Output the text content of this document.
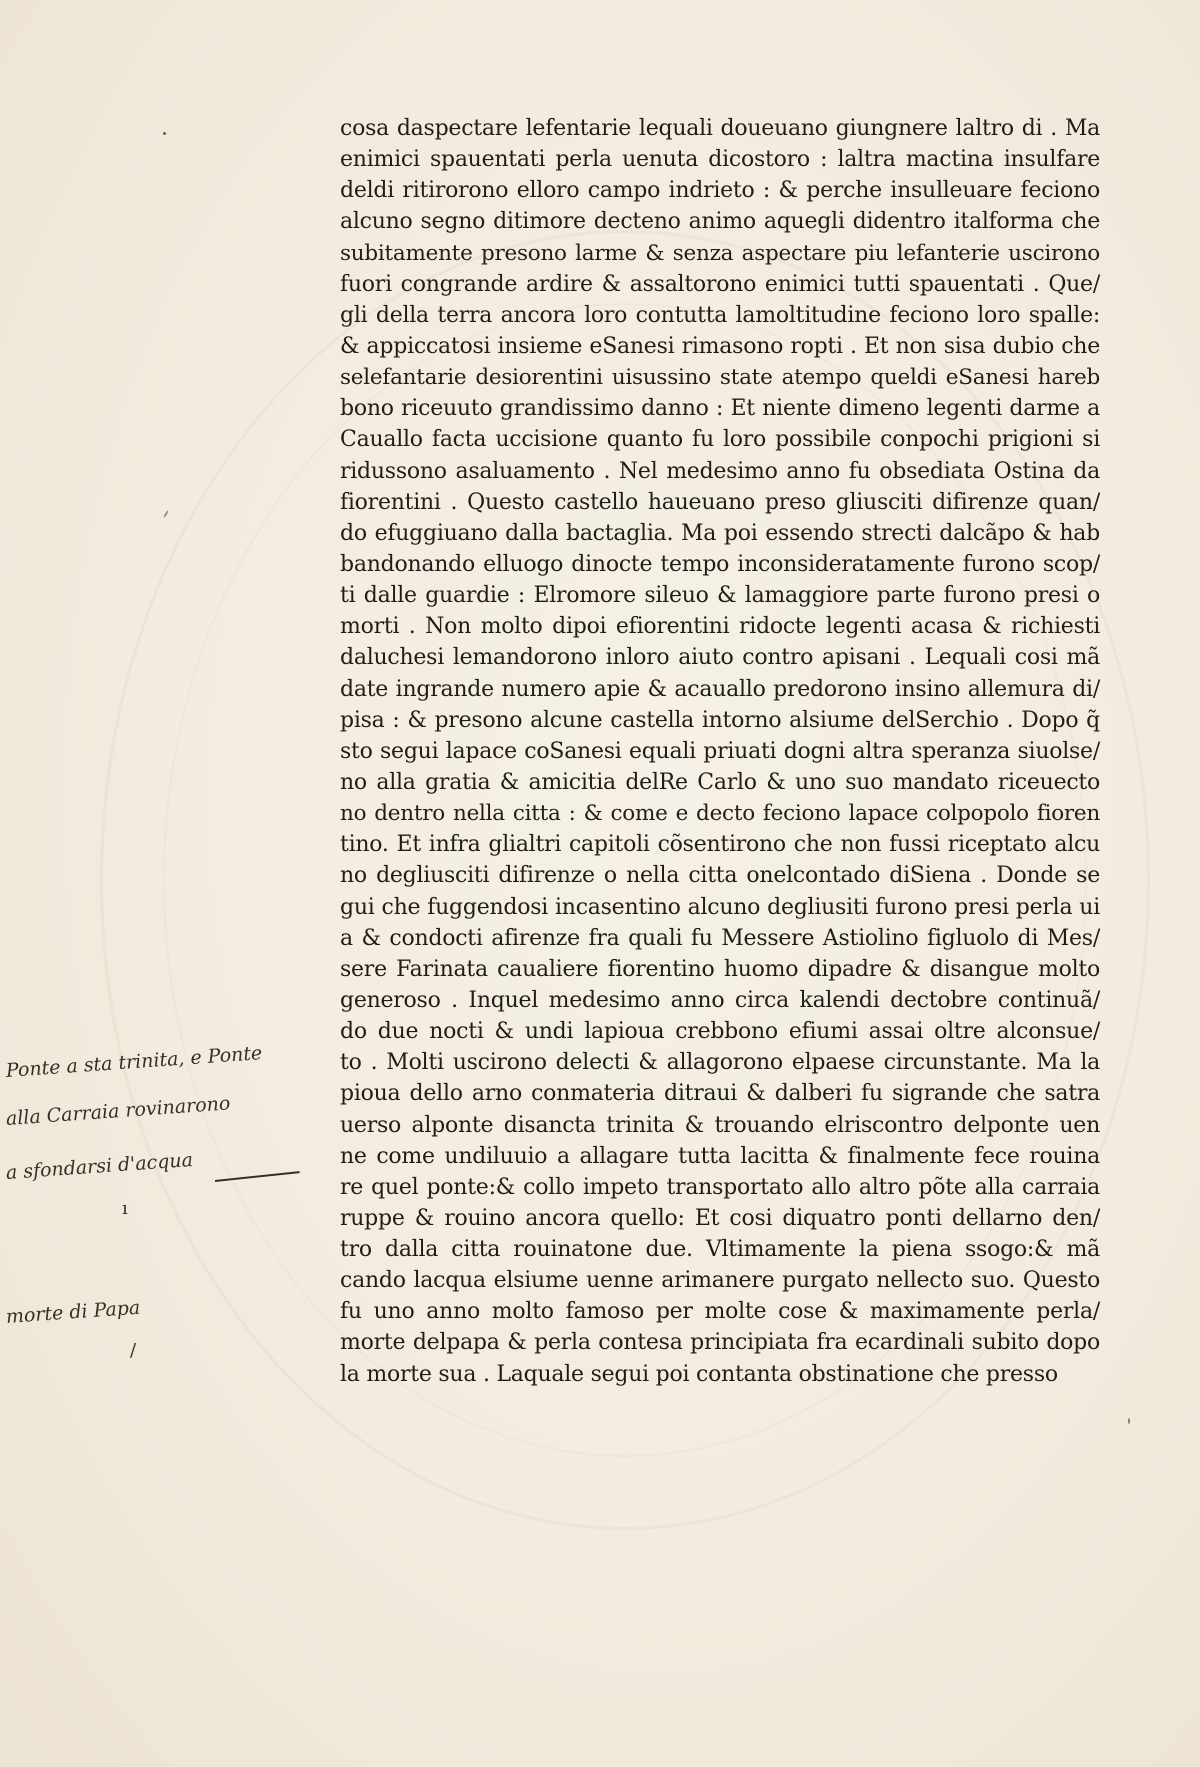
cosa daspectare lefentarie lequali doueuano giungnere laltro di . Ma
enimici spauentati perla uenuta dicostoro : laltra mactina insulfare
deldi ritirorono elloro campo indrieto : & perche insulleuare feciono
alcuno segno ditimore decteno animo aquegli didentro italforma che
subitamente presono larme & senza aspectare piu lefanterie uscirono
fuori congrande ardire & assaltorono enimici tutti spauentati . Que/
gli della terra ancora loro contutta lamoltitudine feciono loro spalle:
& appiccatosi insieme eSanesi rimasono ropti . Et non sisa dubio che
selefantarie desiorentini uisussino state atempo queldi eSanesi hareb
bono riceuuto grandissimo danno : Et niente dimeno legenti darme a
Cauallo facta uccisione quanto fu loro possibile conpochi prigioni si
ridussono asaluamento . Nel medesimo anno fu obsediata Ostina da
fiorentini . Questo castello haueuano preso gliusciti difirenze quan/
do efuggiuano dalla bactaglia. Ma poi essendo strecti dalcãpo & hab
bandonando elluogo dinocte tempo inconsideratamente furono scop/
ti dalle guardie : Elromore sileuo & lamaggiore parte furono presi o
morti . Non molto dipoi efiorentini ridocte legenti acasa & richiesti
daluchesi lemandorono inloro aiuto contro apisani . Lequali cosi mã
date ingrande numero apie & acauallo predorono insino allemura di/
pisa : & presono alcune castella intorno alsiume delSerchio . Dopo q̃
sto segui lapace coSanesi equali priuati dogni altra speranza siuolse/
no alla gratia & amicitia delRe Carlo & uno suo mandato riceuecto
no dentro nella citta : & come e decto feciono lapace colpopolo fioren
tino. Et infra glialtri capitoli cõsentirono che non fussi riceptato alcu
no degliusciti difirenze o nella citta onelcontado diSiena . Donde se
gui che fuggendosi incasentino alcuno degliusiti furono presi perla ui
a & condocti afirenze fra quali fu Messere Astiolino figluolo di Mes/
sere Farinata caualiere fiorentino huomo dipadre & disangue molto
generoso . Inquel medesimo anno circa kalendi dectobre continuã/
do due nocti & undi lapioua crebbono efiumi assai oltre alconsue/
to . Molti uscirono delecti & allagorono elpaese circunstante. Ma la
pioua dello arno conmateria ditraui & dalberi fu sigrande che satra
uerso alponte disancta trinita & trouando elriscontro delponte uen
ne come undiluuio a allagare tutta lacitta & finalmente fece rouina
re quel ponte:& collo impeto transportato allo altro põte alla carraia
ruppe & rouino ancora quello: Et cosi diquatro ponti dellarno den/
tro dalla citta rouinatone due. Vltimamente la piena ssogo:& mã
cando lacqua elsiume uenne arimanere purgato nellecto suo. Questo
fu uno anno molto famoso per molte cose & maximamente perla/
morte delpapa & perla contesa principiata fra ecardinali subito dopo
la morte sua . Laquale segui poi contanta obstinatione che presso
Ponte a sta trinita, e Ponte
alla Carraia rovinarono
a sfondarsi d'acqua
ı
morte di Papa
/
